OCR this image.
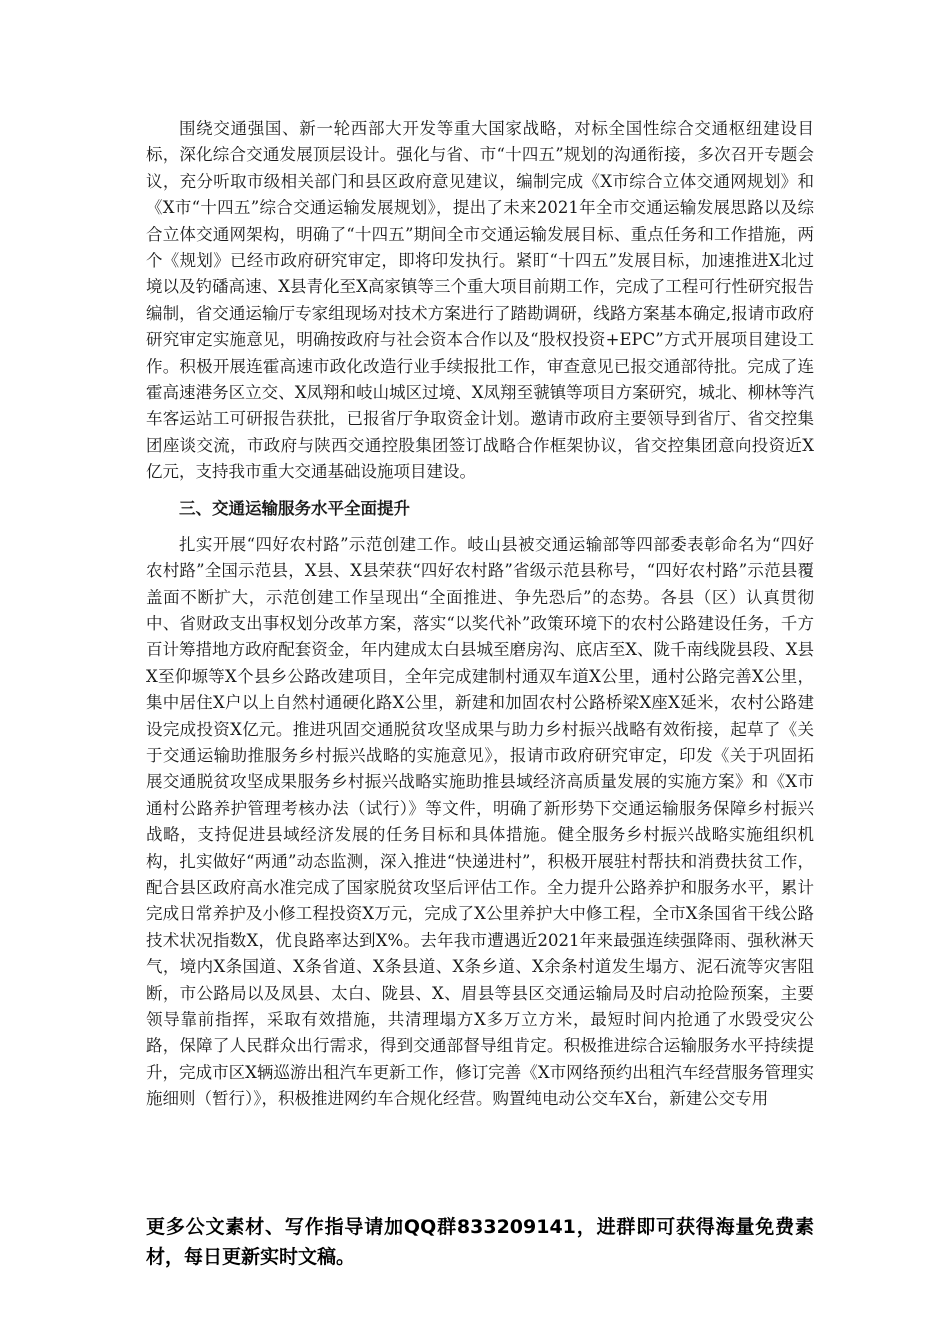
围绕交通强国、新一轮西部大开发等重大国家战略，对标全国性综合交通枢纽建设目标，深化综合交通发展顶层设计。强化与省、市“十四五”规划的沟通衔接，多次召开专题会议，充分听取市级相关部门和县区政府意见建议，编制完成《X市综合立体交通网规划》和《X市“十四五”综合交通运输发展规划》，提出了未来2021年全市交通运输发展思路以及综合立体交通网架构，明确了“十四五”期间全市交通运输发展目标、重点任务和工作措施，两个《规划》已经市政府研究审定，即将印发执行。紧盯“十四五”发展目标，加速推进X北过境以及钓磻高速、X县青化至X高家镇等三个重大项目前期工作，完成了工程可行性研究报告编制，省交通运输厅专家组现场对技术方案进行了踏勘调研，线路方案基本确定,报请市政府研究审定实施意见，明确按政府与社会资本合作以及“股权投资+EPC”方式开展项目建设工作。积极开展连霍高速市政化改造行业手续报批工作，审查意见已报交通部待批。完成了连霍高速港务区立交、X凤翔和岐山城区过境、X凤翔至虢镇等项目方案研究，城北、柳林等汽车客运站工可研报告获批，已报省厅争取资金计划。邀请市政府主要领导到省厅、省交控集团座谈交流，市政府与陕西交通控股集团签订战略合作框架协议，省交控集团意向投资近X亿元，支持我市重大交通基础设施项目建设。

三、交通运输服务水平全面提升

扎实开展“四好农村路”示范创建工作。岐山县被交通运输部等四部委表彰命名为“四好农村路”全国示范县，X县、X县荣获“四好农村路”省级示范县称号，“四好农村路”示范县覆盖面不断扩大，示范创建工作呈现出“全面推进、争先恐后”的态势。各县（区）认真贯彻中、省财政支出事权划分改革方案，落实“以奖代补”政策环境下的农村公路建设任务，千方百计筹措地方政府配套资金，年内建成太白县城至磨房沟、底店至X、陇千南线陇县段、X县X至仰塬等X个县乡公路改建项目，全年完成建制村通双车道X公里，通村公路完善X公里，集中居住X户以上自然村通硬化路X公里，新建和加固农村公路桥梁X座X延米，农村公路建设完成投资X亿元。推进巩固交通脱贫攻坚成果与助力乡村振兴战略有效衔接，起草了《关于交通运输助推服务乡村振兴战略的实施意见》，报请市政府研究审定，印发《关于巩固拓展交通脱贫攻坚成果服务乡村振兴战略实施助推县域经济高质量发展的实施方案》和《X市通村公路养护管理考核办法（试行）》等文件，明确了新形势下交通运输服务保障乡村振兴战略，支持促进县域经济发展的任务目标和具体措施。健全服务乡村振兴战略实施组织机构，扎实做好“两通”动态监测，深入推进“快递进村”，积极开展驻村帮扶和消费扶贫工作，配合县区政府高水准完成了国家脱贫攻坚后评估工作。全力提升公路养护和服务水平，累计完成日常养护及小修工程投资X万元，完成了X公里养护大中修工程，全市X条国省干线公路技术状况指数X，优良路率达到X%。去年我市遭遇近2021年来最强连续强降雨、强秋淋天气，境内X条国道、X条省道、X条县道、X条乡道、X余条村道发生塌方、泥石流等灾害阻断，市公路局以及凤县、太白、陇县、X、眉县等县区交通运输局及时启动抢险预案，主要领导靠前指挥，采取有效措施，共清理塌方X多万立方米，最短时间内抢通了水毁受灾公路，保障了人民群众出行需求，得到交通部督导组肯定。积极推进综合运输服务水平持续提升，完成市区X辆巡游出租汽车更新工作，修订完善《X市网络预约出租汽车经营服务管理实施细则（暂行）》，积极推进网约车合规化经营。购置纯电动公交车X台，新建公交专用

更多公文素材、写作指导请加QQ群833209141，进群即可获得海量免费素材，每日更新实时文稿。
